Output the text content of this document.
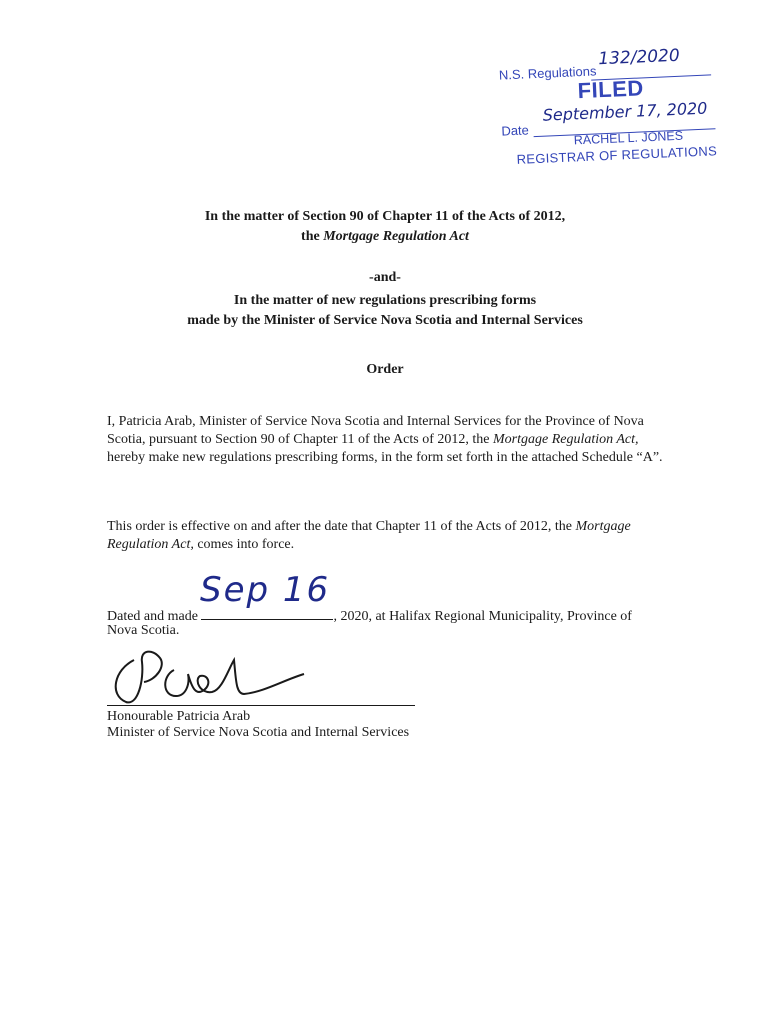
N.S. Regulations
132/2020
FILED
Date
September 17, 2020
RACHEL L. JONES
REGISTRAR OF REGULATIONS
In the matter of Section 90 of Chapter 11 of the Acts of 2012,
the Mortgage Regulation Act
-and-
In the matter of new regulations prescribing forms
made by the Minister of Service Nova Scotia and Internal Services
Order
I, Patricia Arab, Minister of Service Nova Scotia and Internal Services for the Province of Nova Scotia, pursuant to Section 90 of Chapter 11 of the Acts of 2012, the Mortgage Regulation Act, hereby make new regulations prescribing forms, in the form set forth in the attached Schedule “A”.
This order is effective on and after the date that Chapter 11 of the Acts of 2012, the Mortgage Regulation Act, comes into force.
Dated and made	, 2020, at Halifax Regional Municipality, Province of
Sep 16
Nova Scotia.
Honourable Patricia Arab
Minister of Service Nova Scotia and Internal Services
